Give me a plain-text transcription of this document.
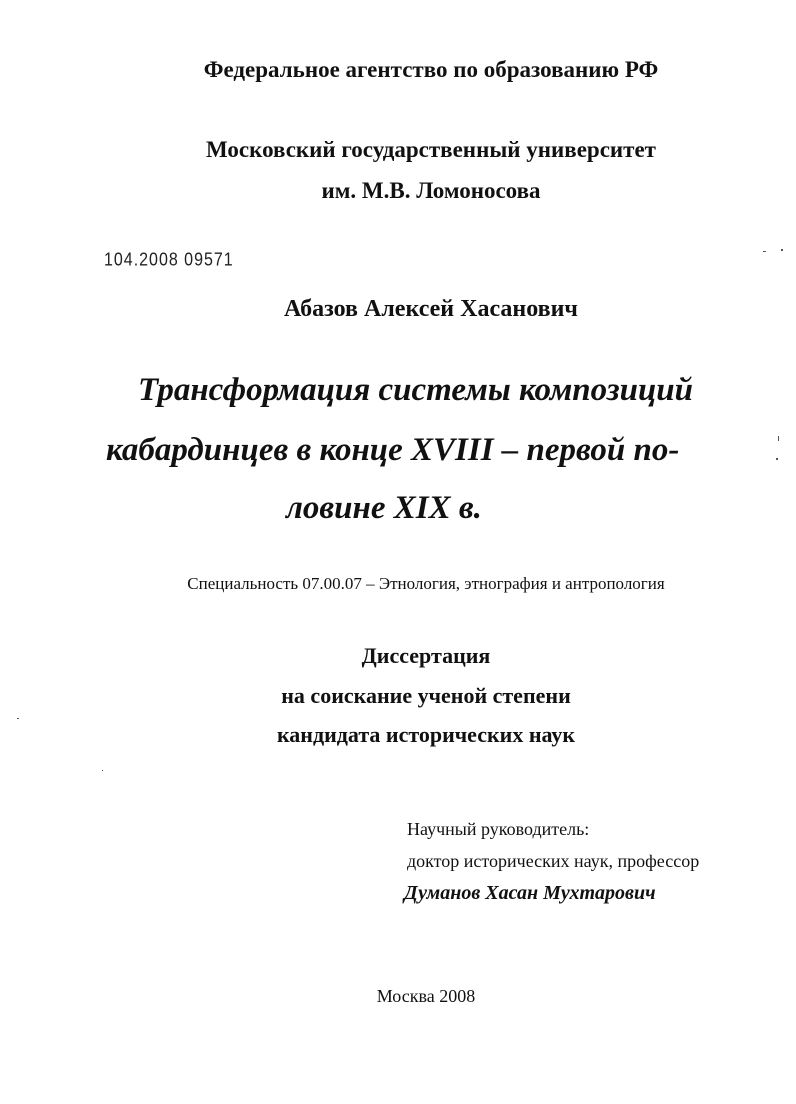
Федеральное агентство по образованию РФ
Московский государственный университет
им. М.В. Ломоносова
104.2008 09571
Абазов Алексей Хасанович
Трансформация системы композиций
кабардинцев в конце XVIII – первой по-
ловине XIX в.
Специальность 07.00.07 – Этнология, этнография и антропология
Диссертация
на соискание ученой степени
кандидата исторических наук
Научный руководитель:
доктор исторических наук, профессор
Думанов Хасан Мухтарович
Москва 2008
